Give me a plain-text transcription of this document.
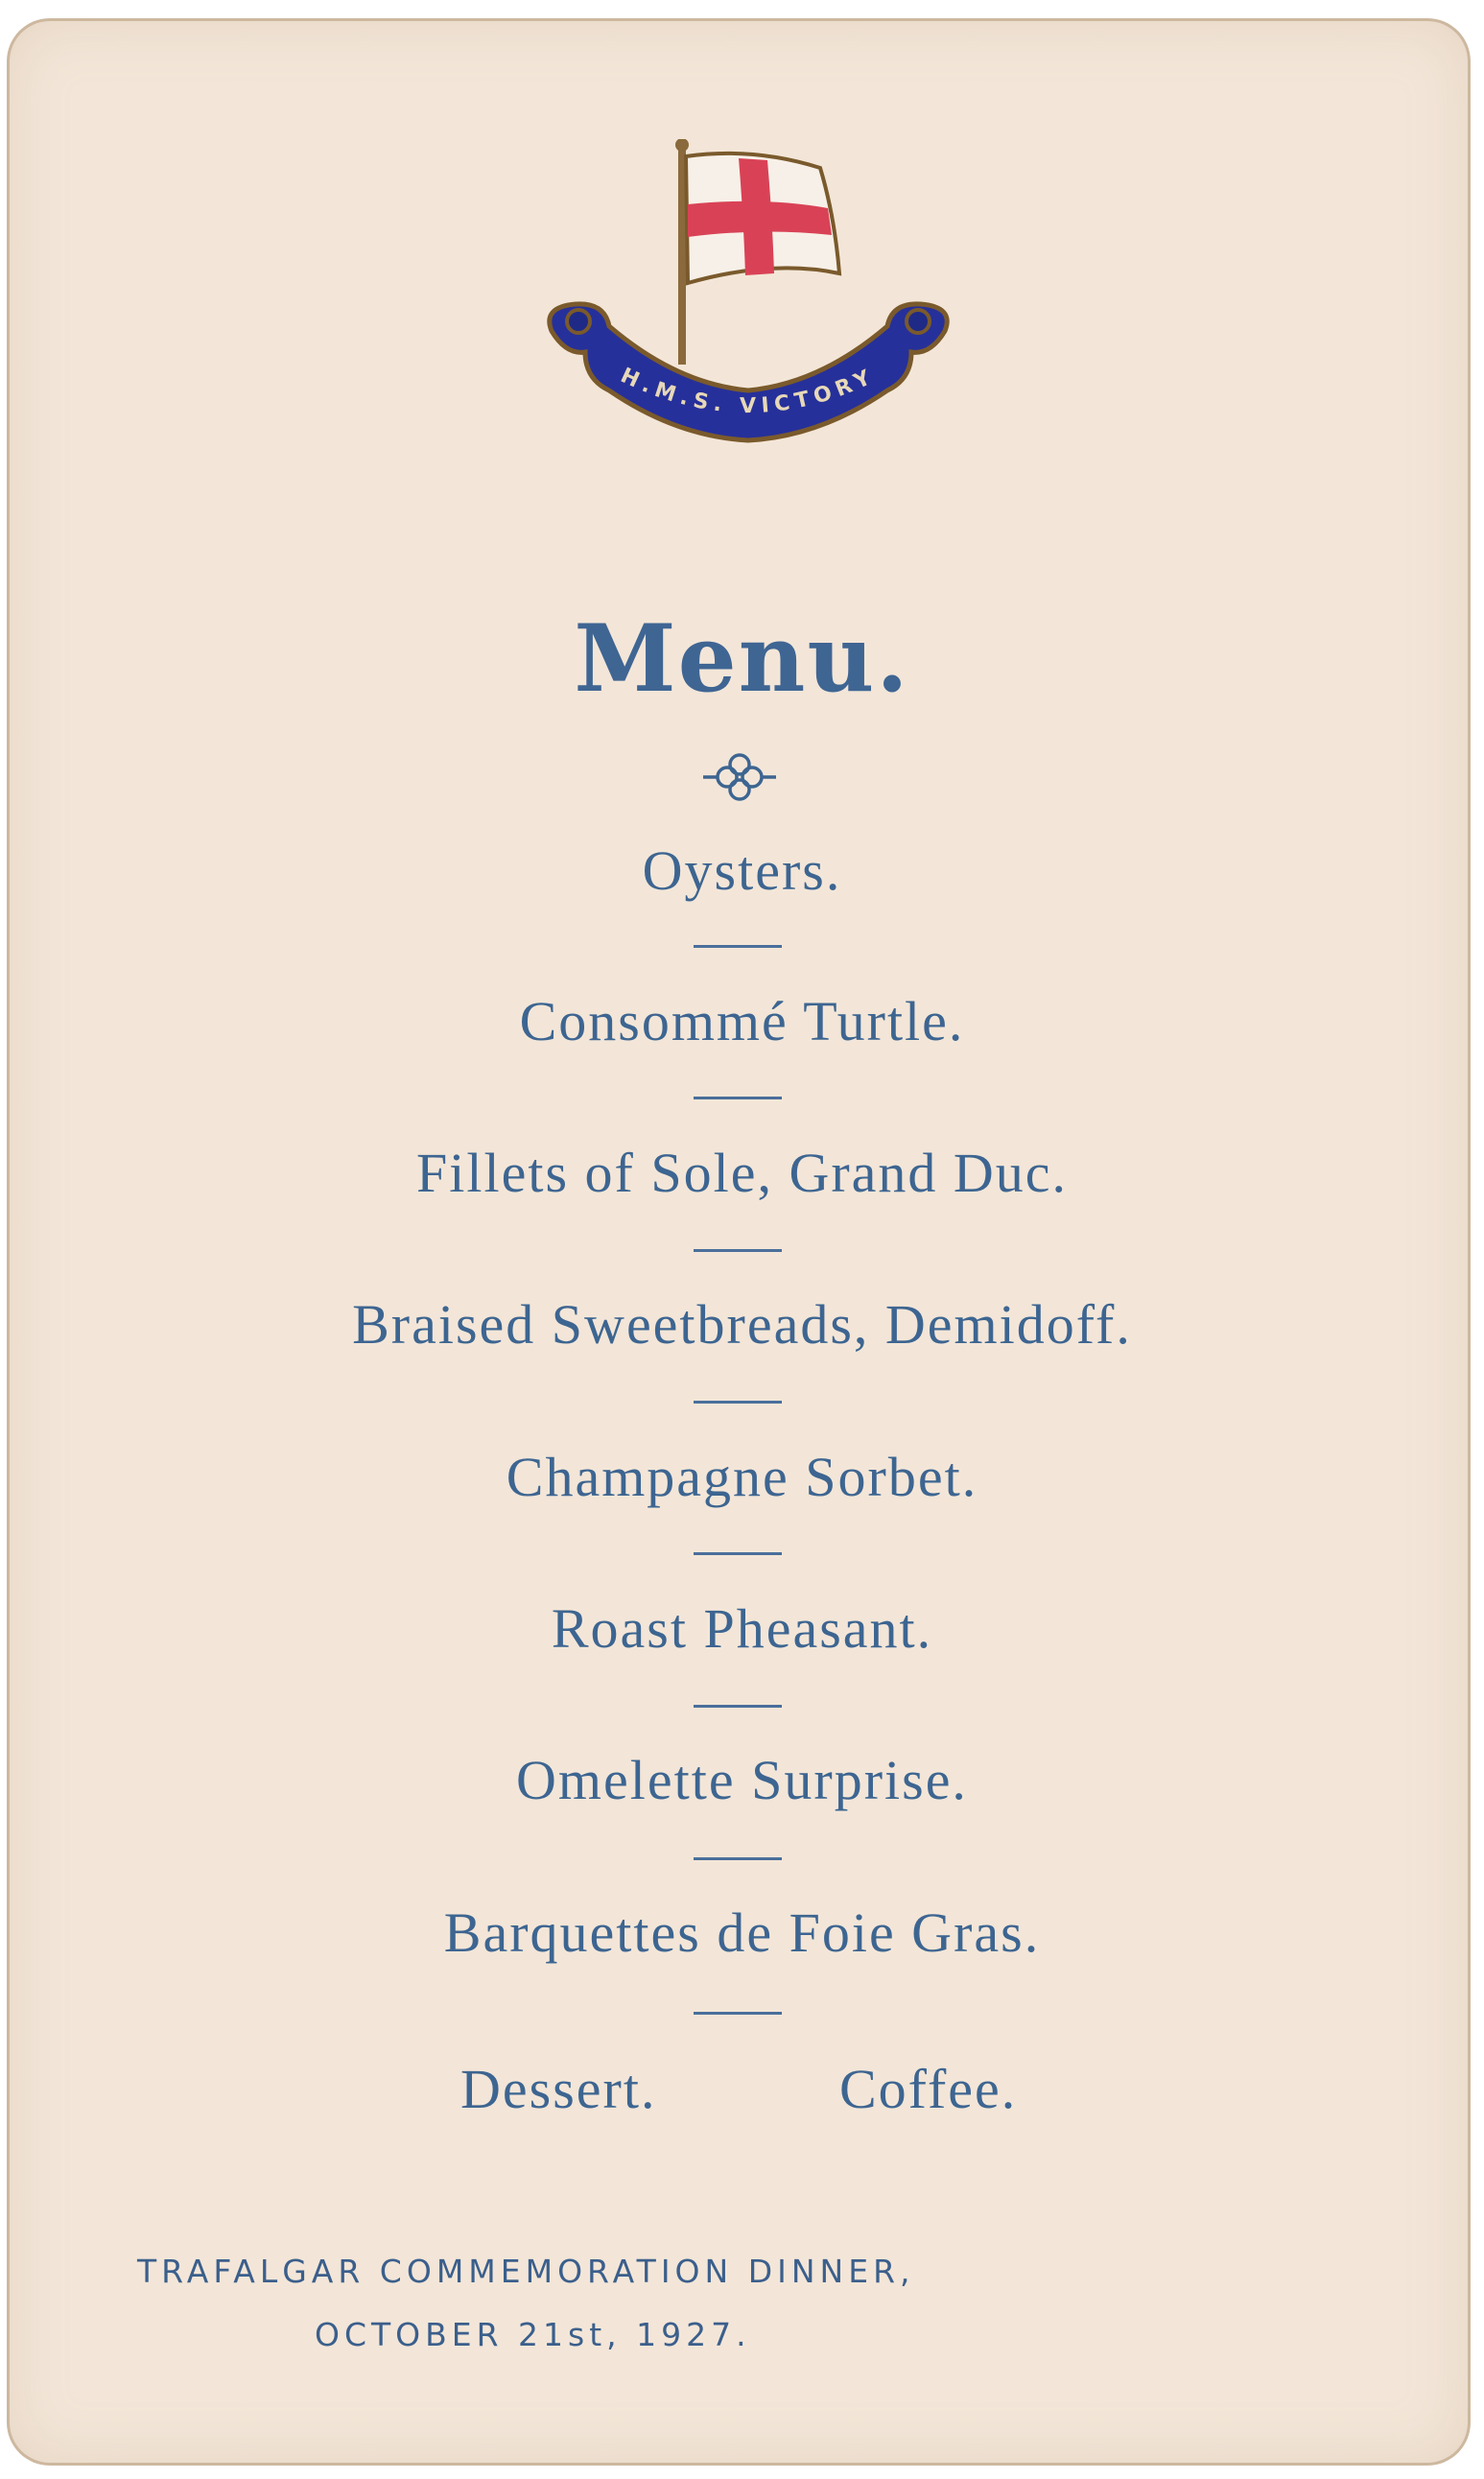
H.M.S. VICTORY
Menu.
Oysters.
Consommé Turtle.
Fillets of Sole, Grand Duc.
Braised Sweetbreads, Demidoff.
Champagne Sorbet.
Roast Pheasant.
Omelette Surprise.
Barquettes de Foie Gras.
Dessert.	Coffee.
TRAFALGAR COMMEMORATION DINNER,
OCTOBER 21st, 1927.
